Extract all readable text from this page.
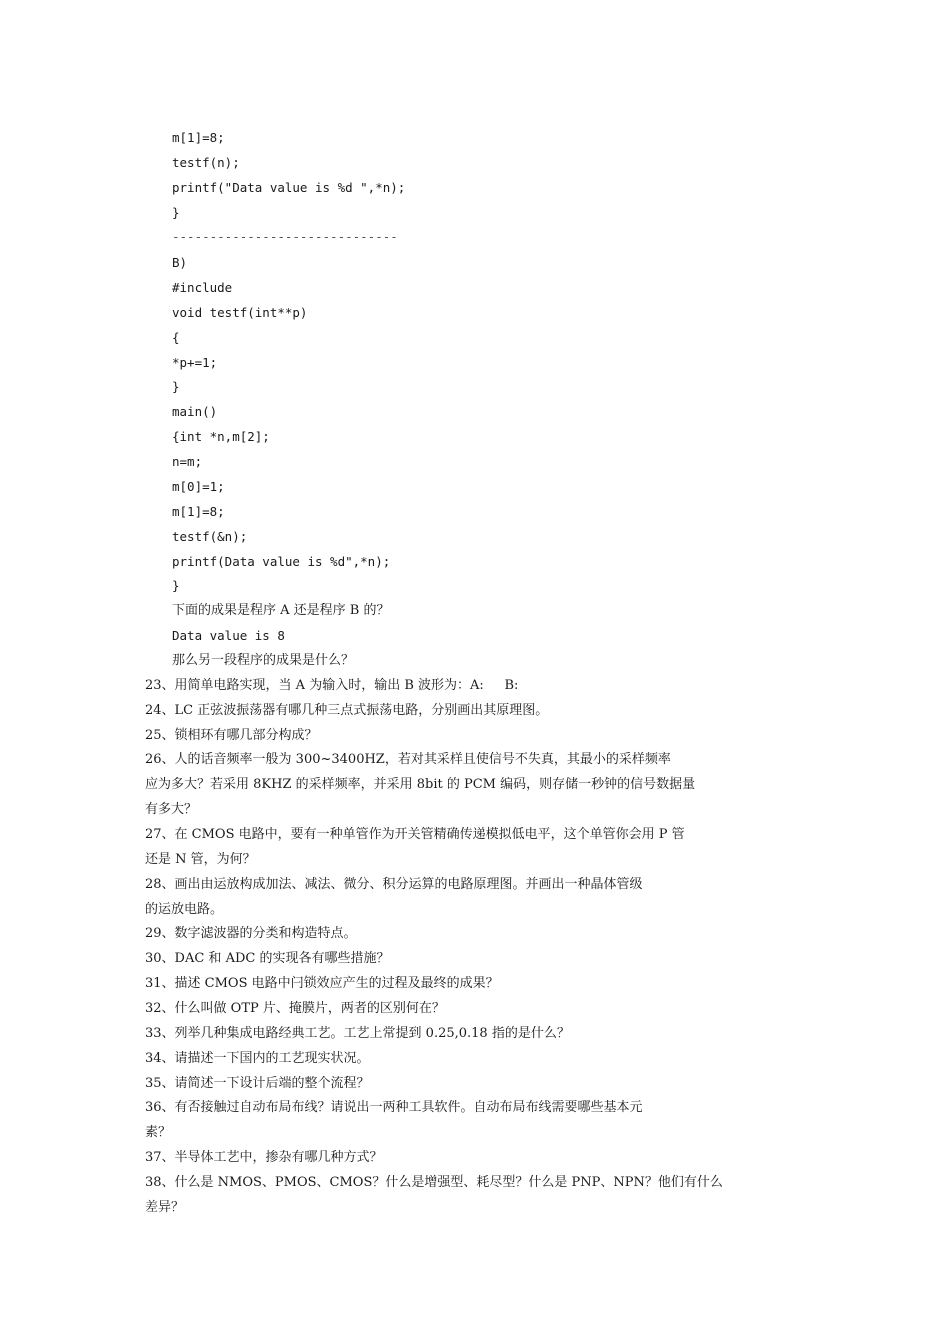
m[1]=8;
testf(n);
printf("Data value is %d ",*n);
}
------------------------------
B)
#include
void testf(int**p)
{
*p+=1;
}
main()
{int *n,m[2];
n=m;
m[0]=1;
m[1]=8;
testf(&n);
printf(Data value is %d",*n);
}
下面的成果是程序 A 还是程序 B 的？
Data value is 8
那么另一段程序的成果是什么？
23、用简单电路实现，当 A 为输入时，输出 B 波形为：A:     B:
24、LC 正弦波振荡器有哪几种三点式振荡电路，分别画出其原理图。
25、锁相环有哪几部分构成？
26、人的话音频率一般为 300~3400HZ，若对其采样且使信号不失真，其最小的采样频率
应为多大？若采用 8KHZ 的采样频率，并采用 8bit 的 PCM 编码，则存储一秒钟的信号数据量
有多大？
27、在 CMOS 电路中，要有一种单管作为开关管精确传递模拟低电平，这个单管你会用 P 管
还是 N 管，为何？
28、画出由运放构成加法、减法、微分、积分运算的电路原理图。并画出一种晶体管级
的运放电路。
29、数字滤波器的分类和构造特点。
30、DAC 和 ADC 的实现各有哪些措施？
31、描述 CMOS 电路中闩锁效应产生的过程及最终的成果？
32、什么叫做 OTP 片、掩膜片，两者的区别何在？
33、列举几种集成电路经典工艺。工艺上常提到 0.25,0.18 指的是什么？
34、请描述一下国内的工艺现实状况。
35、请简述一下设计后端的整个流程？
36、有否接触过自动布局布线？请说出一两种工具软件。自动布局布线需要哪些基本元
素？
37、半导体工艺中，掺杂有哪几种方式？
38、什么是 NMOS、PMOS、CMOS？什么是增强型、耗尽型？什么是 PNP、NPN？他们有什么
差异？
